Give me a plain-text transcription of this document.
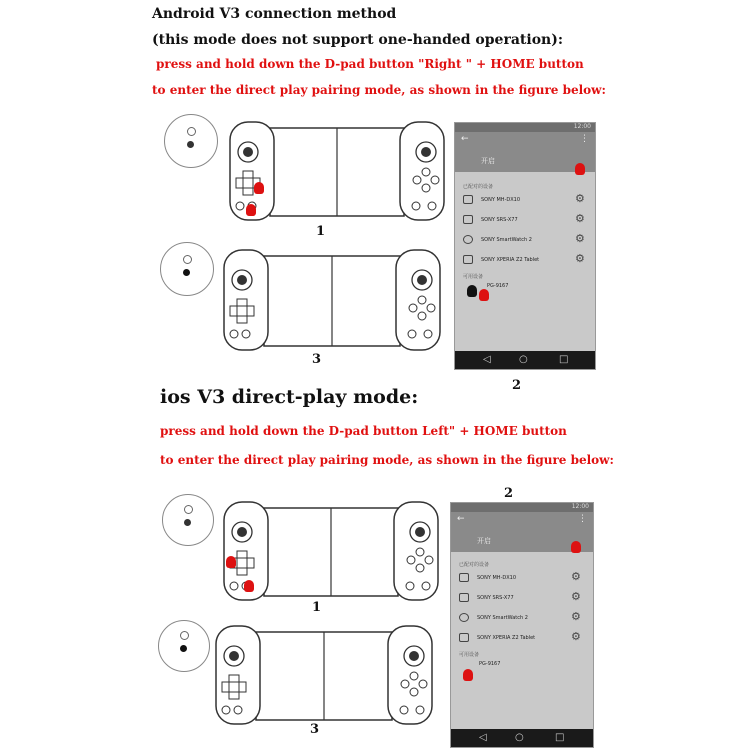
Android V3 connection method
(this mode does not support one-handed operation):
press and hold down the D-pad button "Right " + HOME button
to enter the direct play pairing mode, as shown in the figure below:
1
3
12:00
←	⋮
开启
已配对的设备
SONY MH-DX10	⚙
SONY SRS-X77	⚙
SONY SmartWatch 2	⚙
SONY XPERIA Z2 Tablet	⚙
可用设备
PG-9167
◁	○	□
2
ios V3 direct-play mode:
press and hold down the D-pad button Left" + HOME button
to enter the direct play pairing mode, as shown in the figure below:
2
1
3
12:00
←	⋮
开启
已配对的设备
SONY MH-DX10	⚙
SONY SRS-X77	⚙
SONY SmartWatch 2	⚙
SONY XPERIA Z2 Tablet	⚙
可用设备
PG-9167
◁	○	□
